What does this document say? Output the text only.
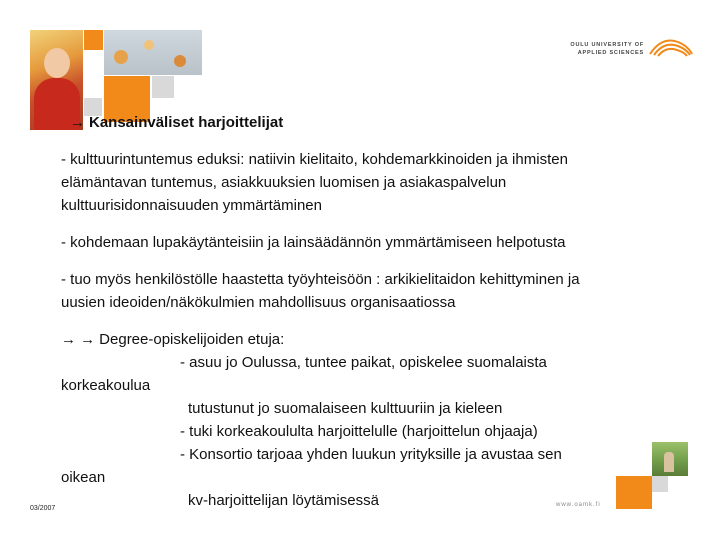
OULU UNIVERSITY OF
APPLIED SCIENCES
→ Kansainväliset harjoittelijat
- kulttuurintuntemus eduksi: natiivin kielitaito, kohdemarkkinoiden ja ihmisten
elämäntavan tuntemus, asiakkuuksien luomisen ja asiakaspalvelun
kulttuurisidonnaisuuden ymmärtäminen
- kohdemaan lupakäytänteisiin ja lainsäädännön ymmärtämiseen helpotusta
- tuo myös henkilöstölle haastetta työyhteisöön : arkikielitaidon kehittyminen ja
uusien ideoiden/näkökulmien mahdollisuus organisaatiossa
→ → Degree-opiskelijoiden etuja:
- asuu jo Oulussa, tuntee paikat, opiskelee suomalaista
korkeakoulua
tutustunut jo suomalaiseen kulttuuriin ja kieleen
- tuki korkeakoululta harjoittelulle (harjoittelun ohjaaja)
- Konsortio tarjoaa yhden luukun yrityksille ja avustaa sen
oikean
kv-harjoittelijan löytämisessä
03/2007	www.oamk.fi
